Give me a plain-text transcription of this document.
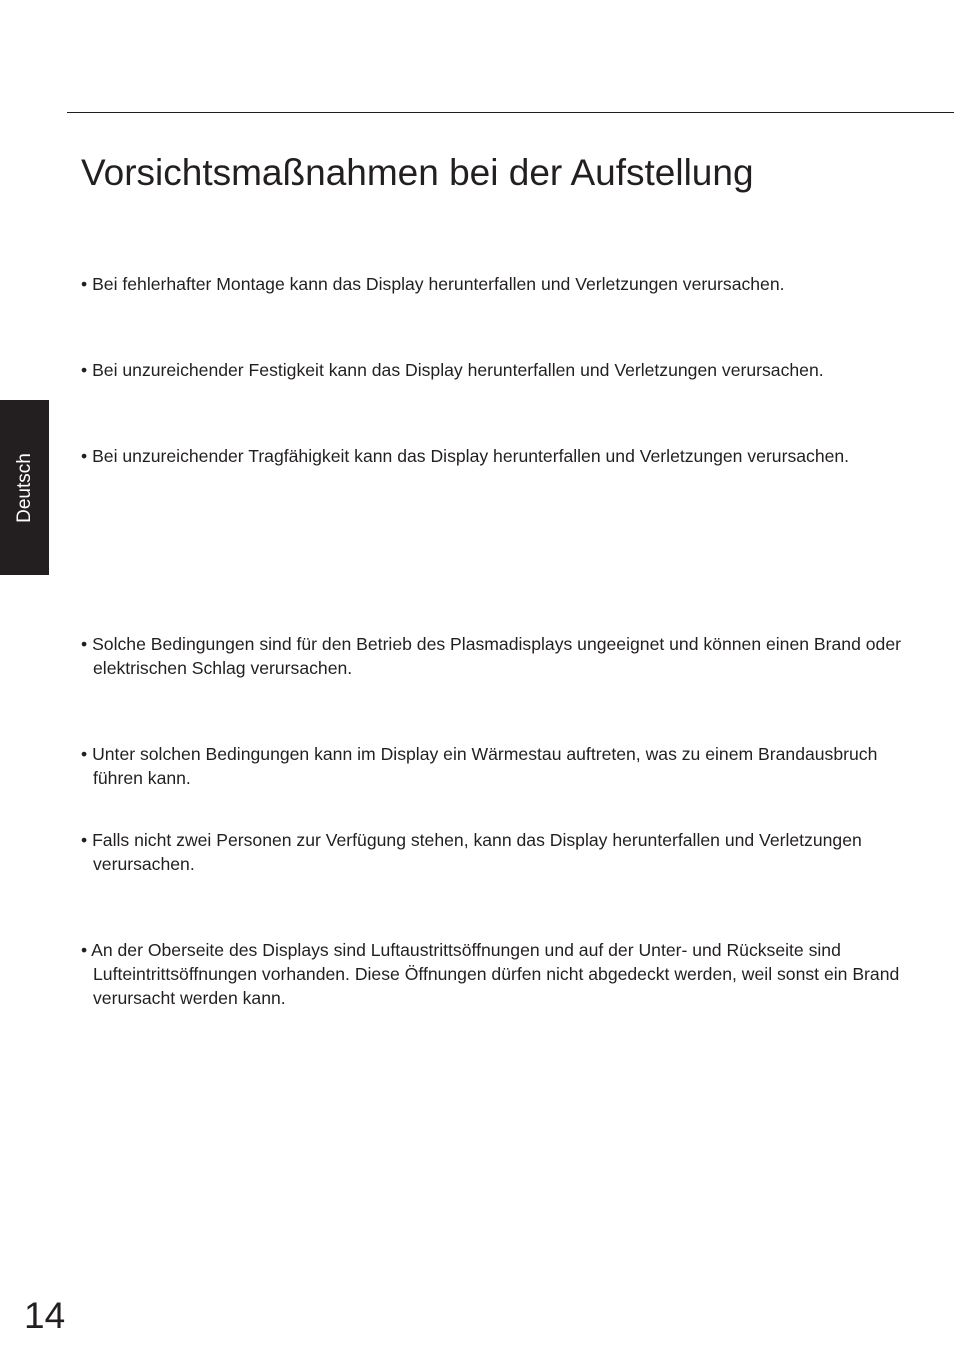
Vorsichtsmaßnahmen bei der Aufstellung
Deutsch
• Bei fehlerhafter Montage kann das Display herunterfallen und Verletzungen verursachen.
• Bei unzureichender Festigkeit kann das Display herunterfallen und Verletzungen verursachen.
• Bei unzureichender Tragfähigkeit kann das Display herunterfallen und Verletzungen verursachen.
• Solche Bedingungen sind für den Betrieb des Plasmadisplays ungeeignet und können einen Brand oder elektrischen Schlag verursachen.
• Unter solchen Bedingungen kann im Display ein Wärmestau auftreten, was zu einem Brandausbruch führen kann.
• Falls nicht zwei Personen zur Verfügung stehen, kann das Display herunterfallen und Verletzungen verursachen.
• An der Oberseite des Displays sind Luftaustrittsöffnungen und auf der Unter- und Rückseite sind Lufteintrittsöffnungen vorhanden. Diese Öffnungen dürfen nicht abgedeckt werden, weil sonst ein Brand verursacht werden kann.
14
